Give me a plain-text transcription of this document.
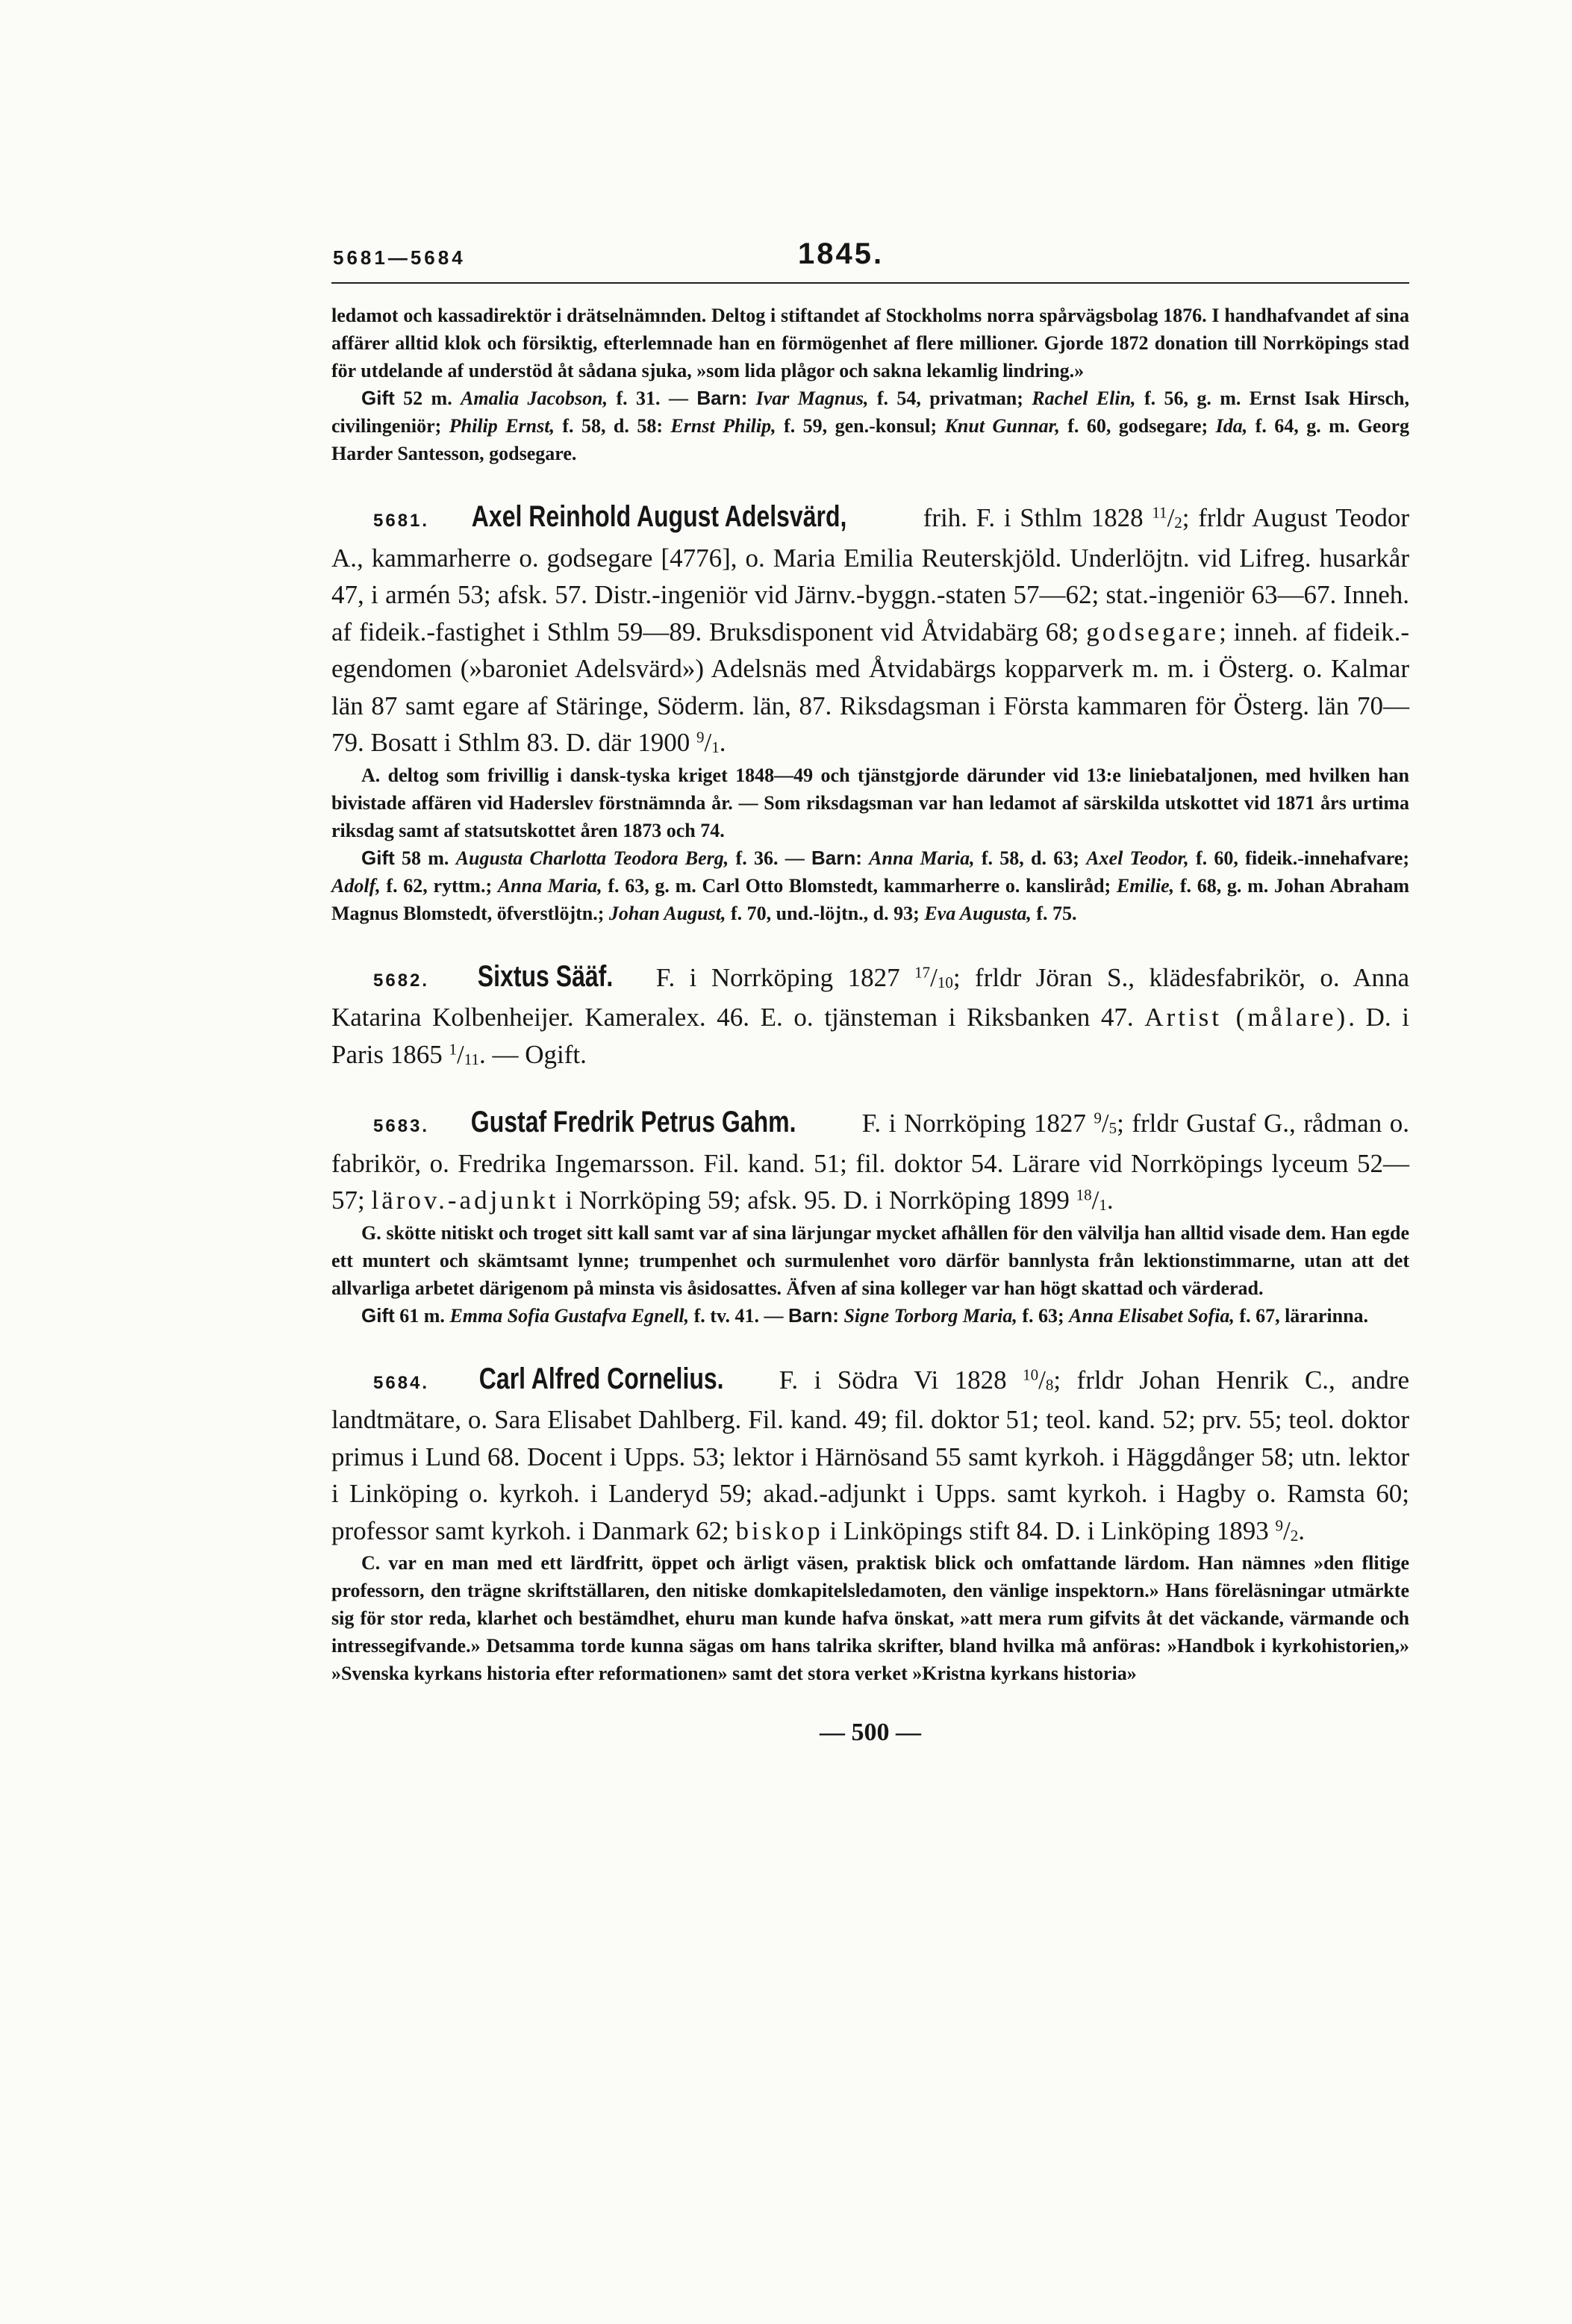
5681—5684	1845.

ledamot och kassadirektör i drätselnämnden. Deltog i stiftandet af Stockholms norra spårvägsbolag 1876. I handhafvandet af sina affärer alltid klok och försiktig, efterlemnade han en förmögenhet af flere millioner. Gjorde 1872 donation till Norrköpings stad för utdelande af understöd åt sådana sjuka, »som lida plågor och sakna lekamlig lindring.»

Gift 52 m. Amalia Jacobson, f. 31. — Barn: Ivar Magnus, f. 54, privatman; Rachel Elin, f. 56, g. m. Ernst Isak Hirsch, civilingeniör; Philip Ernst, f. 58, d. 58: Ernst Philip, f. 59, gen.-konsul; Knut Gunnar, f. 60, godsegare; Ida, f. 64, g. m. Georg Harder Santesson, godsegare.

5681. Axel Reinhold August Adelsvärd,	frih. F. i Sthlm 1828 $^{11}/_2$; frldr August Teodor A., kammarherre o. godsegare [4776], o. Maria Emilia Reuterskjöld. Underlöjtn. vid Lifreg. husarkår 47, i armén 53; afsk. 57. Distr.-ingeniör vid Järnv.-byggn.-staten 57—62; stat.-ingeniör 63—67. Inneh. af fideik.-fastighet i Sthlm 59—89. Bruksdisponent vid Åtvidabärg 68; godsegare; inneh. af fideik.-egendomen (»baroniet Adelsvärd») Adelsnäs med Åtvidabärgs kopparverk m. m. i Österg. o. Kalmar län 87 samt egare af Stäringe, Söderm. län, 87. Riksdagsman i Första kammaren för Österg. län 70—79. Bosatt i Sthlm 83. D. där 1900 $^9/_1$.

A. deltog som frivillig i dansk-tyska kriget 1848—49 och tjänstgjorde därunder vid 13:e liniebataljonen, med hvilken han bivistade affären vid Haderslev förstnämnda år. — Som riksdagsman var han ledamot af särskilda utskottet vid 1871 års urtima riksdag samt af statsutskottet åren 1873 och 74.

Gift 58 m. Augusta Charlotta Teodora Berg, f. 36. — Barn: Anna Maria, f. 58, d. 63; Axel Teodor, f. 60, fideik.-innehafvare; Adolf, f. 62, ryttm.; Anna Maria, f. 63, g. m. Carl Otto Blomstedt, kammarherre o. kansliråd; Emilie, f. 68, g. m. Johan Abraham Magnus Blomstedt, öfverstlöjtn.; Johan August, f. 70, und.-löjtn., d. 93; Eva Augusta, f. 75.

5682. Sixtus Sääf. F. i Norrköping 1827 $^{17}/_{10}$; frldr Jöran S., klädesfabrikör, o. Anna Katarina Kolbenheijer. Kameralex. 46. E. o. tjänsteman i Riksbanken 47. Artist (målare). D. i Paris 1865 $^1/_{11}$. — Ogift.

5683. Gustaf Fredrik Petrus Gahm. F. i Norrköping 1827 $^9/_5$; frldr Gustaf G., rådman o. fabrikör, o. Fredrika Ingemarsson. Fil. kand. 51; fil. doktor 54. Lärare vid Norrköpings lyceum 52—57; lärov.-adjunkt i Norrköping 59; afsk. 95. D. i Norrköping 1899 $^{18}/_1$.

G. skötte nitiskt och troget sitt kall samt var af sina lärjungar mycket afhållen för den välvilja han alltid visade dem. Han egde ett muntert och skämtsamt lynne; trumpenhet och surmulenhet voro därför bannlysta från lektionstimmarne, utan att det allvarliga arbetet därigenom på minsta vis åsidosattes. Äfven af sina kolleger var han högt skattad och värderad.

Gift 61 m. Emma Sofia Gustafva Egnell, f. tv. 41. — Barn: Signe Torborg Maria, f. 63; Anna Elisabet Sofia, f. 67, lärarinna.

5684. Carl Alfred Cornelius. F. i Södra Vi 1828 $^{10}/_8$; frldr Johan Henrik C., andre landtmätare, o. Sara Elisabet Dahlberg. Fil. kand. 49; fil. doktor 51; teol. kand. 52; prv. 55; teol. doktor primus i Lund 68. Docent i Upps. 53; lektor i Härnösand 55 samt kyrkoh. i Häggdånger 58; utn. lektor i Linköping o. kyrkoh. i Landeryd 59; akad.-adjunkt i Upps. samt kyrkoh. i Hagby o. Ramsta 60; professor samt kyrkoh. i Danmark 62; biskop i Linköpings stift 84. D. i Linköping 1893 $^9/_2$.

C. var en man med ett lärdfritt, öppet och ärligt väsen, praktisk blick och omfattande lärdom. Han nämnes »den flitige professorn, den trägne skriftställaren, den nitiske domkapitelsledamoten, den vänlige inspektorn.» Hans föreläsningar utmärkte sig för stor reda, klarhet och bestämdhet, ehuru man kunde hafva önskat, »att mera rum gifvits åt det väckande, värmande och intressegifvande.» Detsamma torde kunna sägas om hans talrika skrifter, bland hvilka må anföras: »Handbok i kyrkohistorien,» »Svenska kyrkans historia efter reformationen» samt det stora verket »Kristna kyrkans historia»

— 500 —
